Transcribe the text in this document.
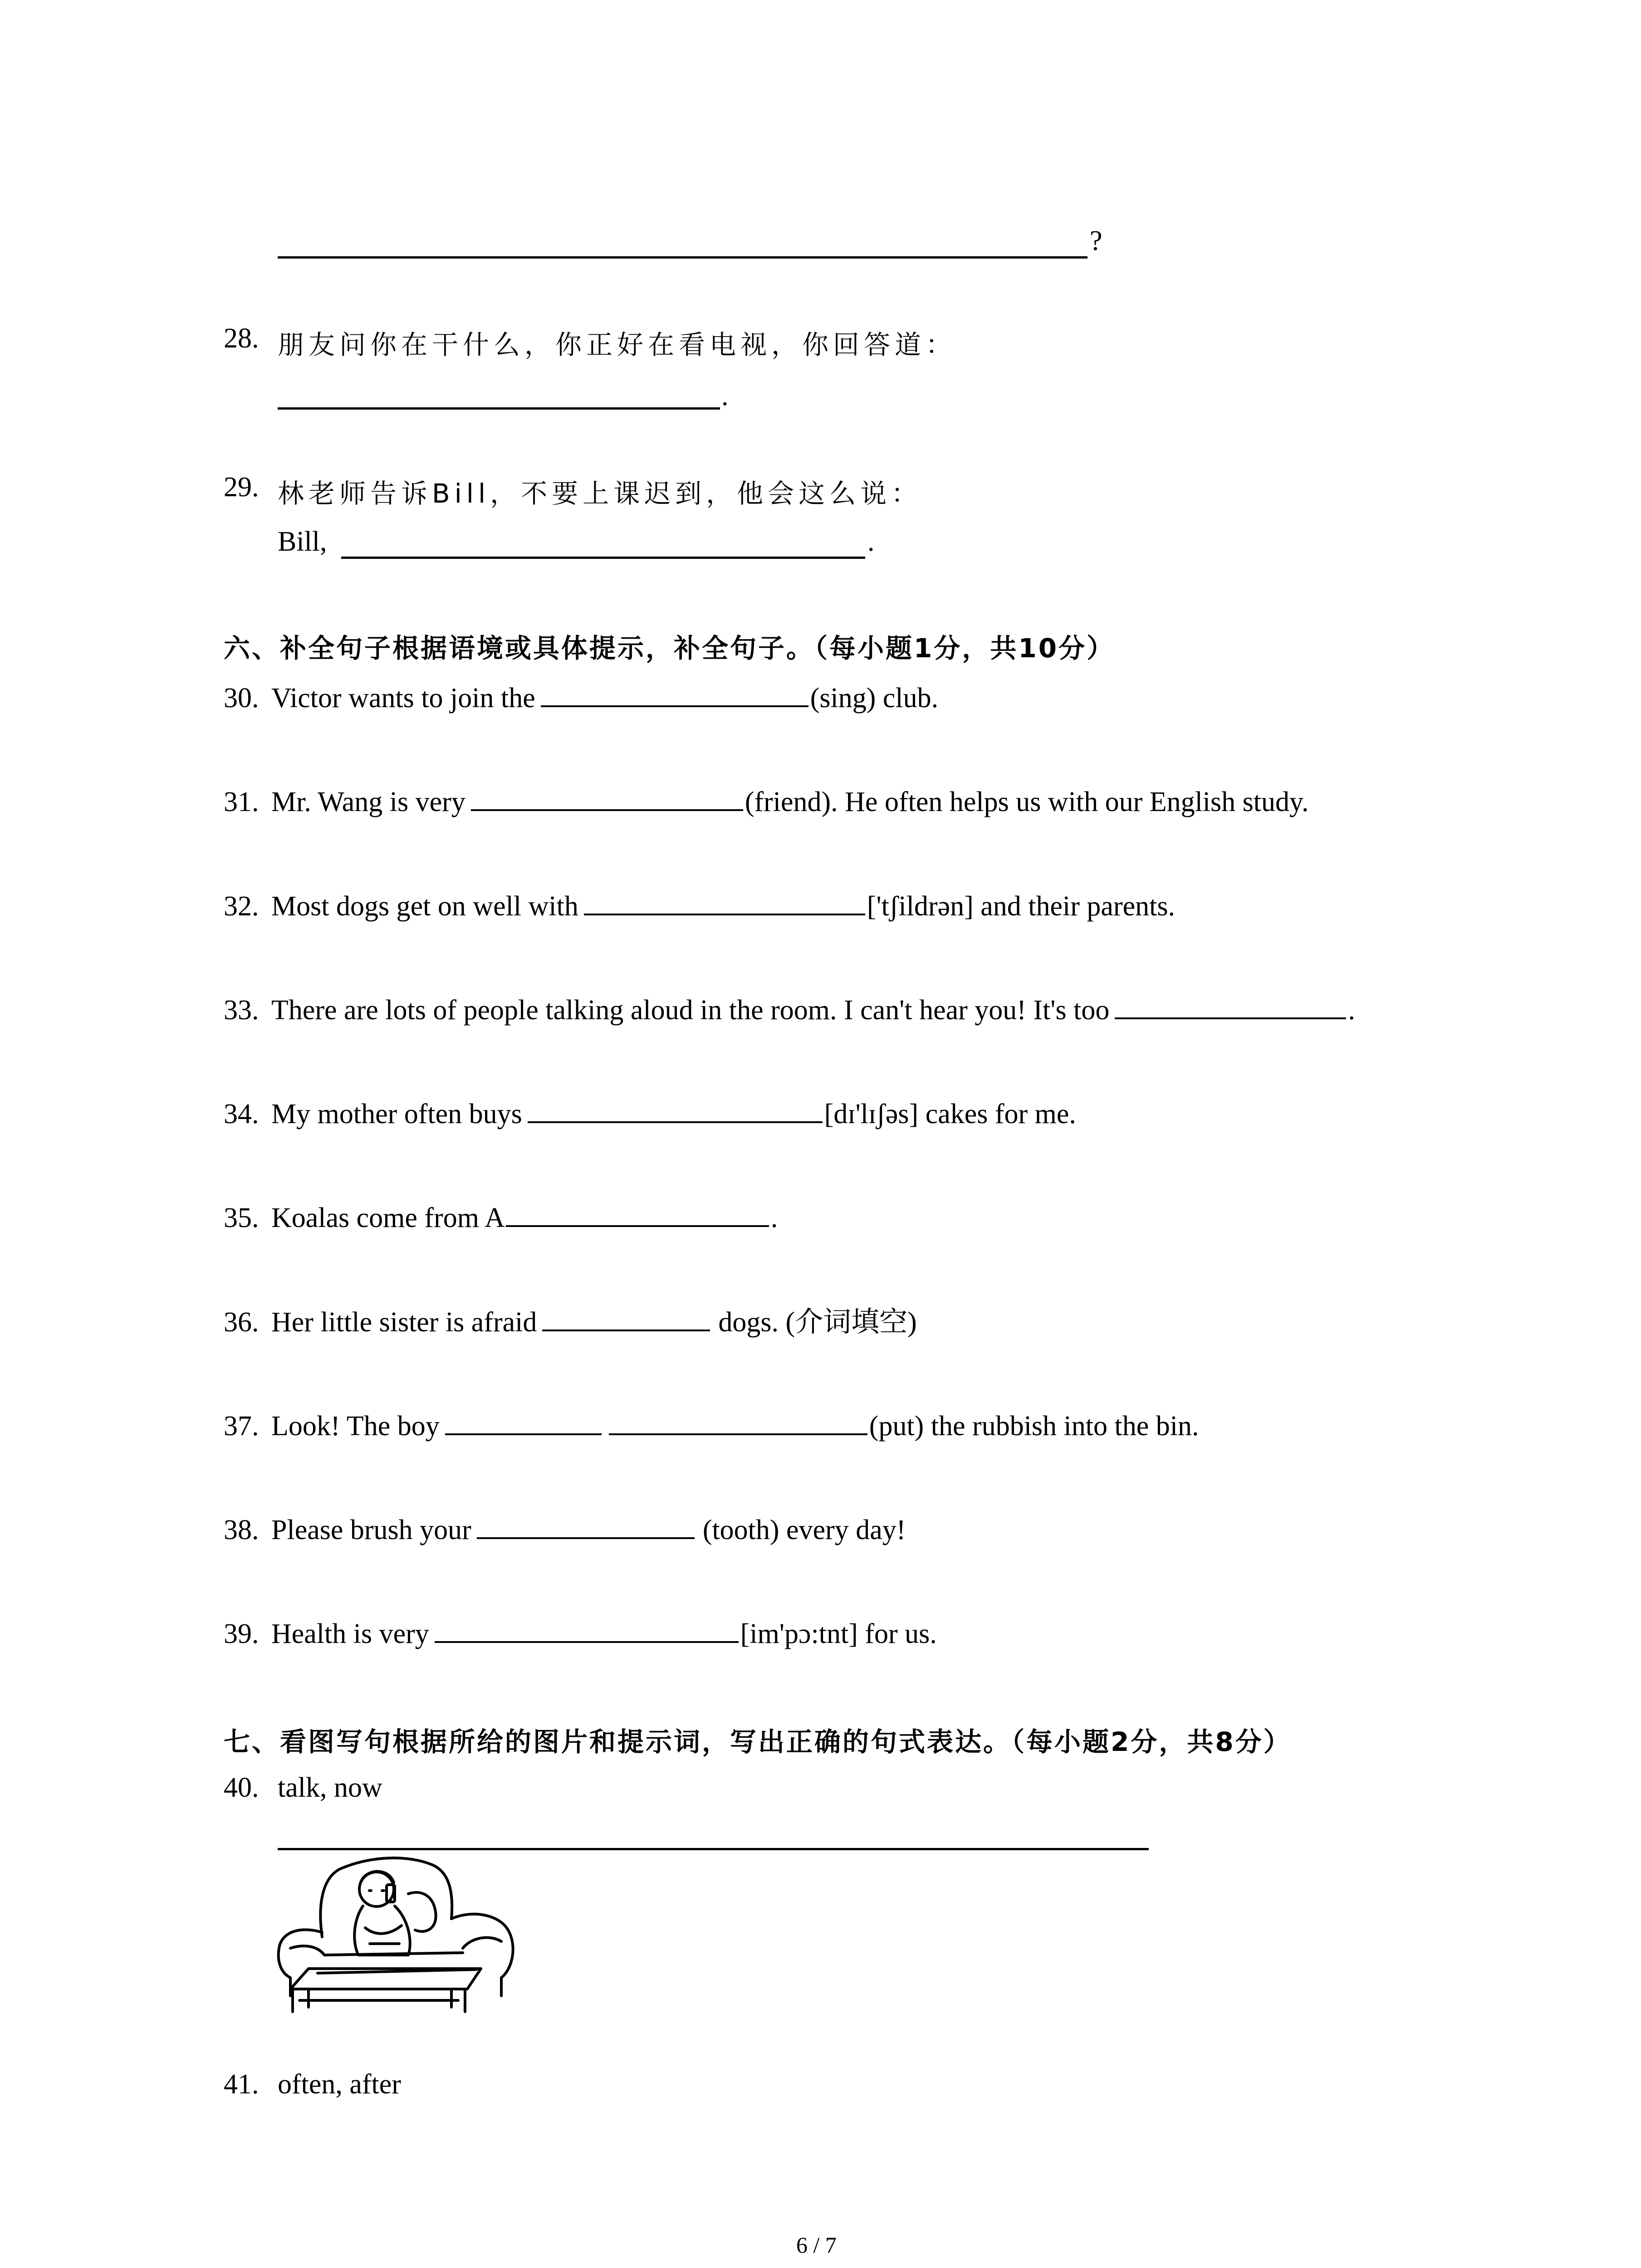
?
28. 朋友问你在干什么，你正好在看电视，你回答道：
.
29. 林老师告诉Bill，不要上课迟到，他会这么说：
Bill,	.
六、补全句子根据语境或具体提示，补全句子。（每小题1分，共10分）
30. Victor wants to join the	(sing) club.
31. Mr. Wang is very	(friend). He often helps us with our English study.
32. Most dogs get on well with	['tʃildrən] and their parents.
33. There are lots of people talking aloud in the room. I can't hear you! It's too	.
34. My mother often buys	[dɪ'lɪʃəs] cakes for me.
35. Koalas come from A	.
36. Her little sister is afraid	dogs. (介词填空)
37. Look! The boy	(put) the rubbish into the bin.
38. Please brush your	(tooth) every day!
39. Health is very	[im'pɔ:tnt] for us.
七、看图写句根据所给的图片和提示词，写出正确的句式表达。（每小题2分，共8分）
40. talk, now
41. often, after
6 / 7
